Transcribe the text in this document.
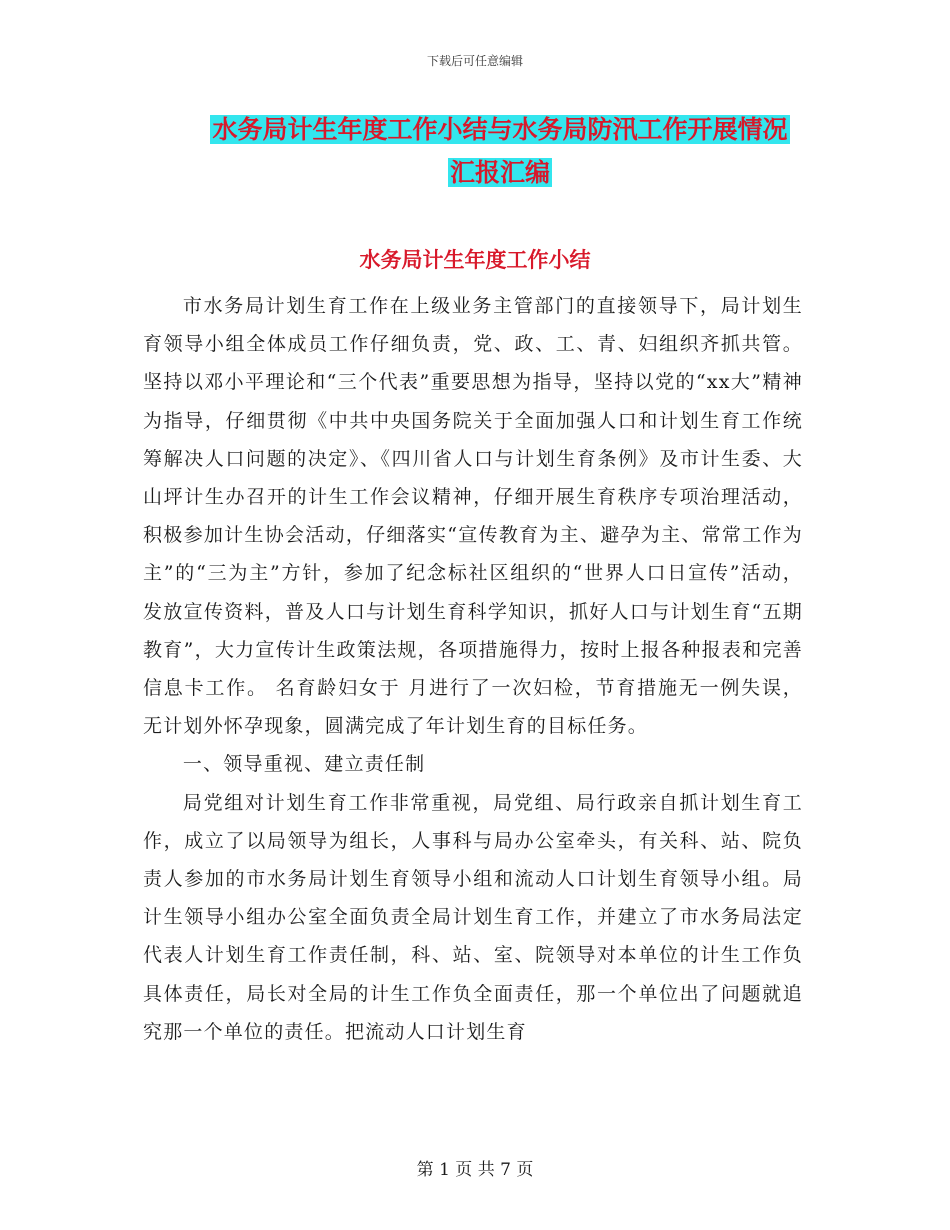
下载后可任意编辑
水务局计生年度工作小结与水务局防汛工作开展情况
汇报汇编
水务局计生年度工作小结

市水务局计划生育工作在上级业务主管部门的直接领导下，局计划生育领导小组全体成员工作仔细负责，党、政、工、青、妇组织齐抓共管。坚持以邓小平理论和“三个代表”重要思想为指导，坚持以党的“xx大”精神为指导，仔细贯彻《中共中央国务院关于全面加强人口和计划生育工作统筹解决人口问题的决定》、《四川省人口与计划生育条例》及市计生委、大山坪计生办召开的计生工作会议精神，仔细开展生育秩序专项治理活动，积极参加计生协会活动，仔细落实“宣传教育为主、避孕为主、常常工作为主”的“三为主”方针，参加了纪念标社区组织的“世界人口日宣传”活动，发放宣传资料，普及人口与计划生育科学知识，抓好人口与计划生育“五期教育”，大力宣传计生政策法规，各项措施得力，按时上报各种报表和完善信息卡工作。 名育龄妇女于 月进行了一次妇检，节育措施无一例失误，无计划外怀孕现象，圆满完成了年计划生育的目标任务。

一、领导重视、建立责任制

局党组对计划生育工作非常重视，局党组、局行政亲自抓计划生育工作，成立了以局领导为组长，人事科与局办公室牵头，有关科、站、院负责人参加的市水务局计划生育领导小组和流动人口计划生育领导小组。局计生领导小组办公室全面负责全局计划生育工作，并建立了市水务局法定代表人计划生育工作责任制，科、站、室、院领导对本单位的计生工作负具体责任，局长对全局的计生工作负全面责任，那一个单位出了问题就追究那一个单位的责任。把流动人口计划生育

第 1 页 共 7 页
